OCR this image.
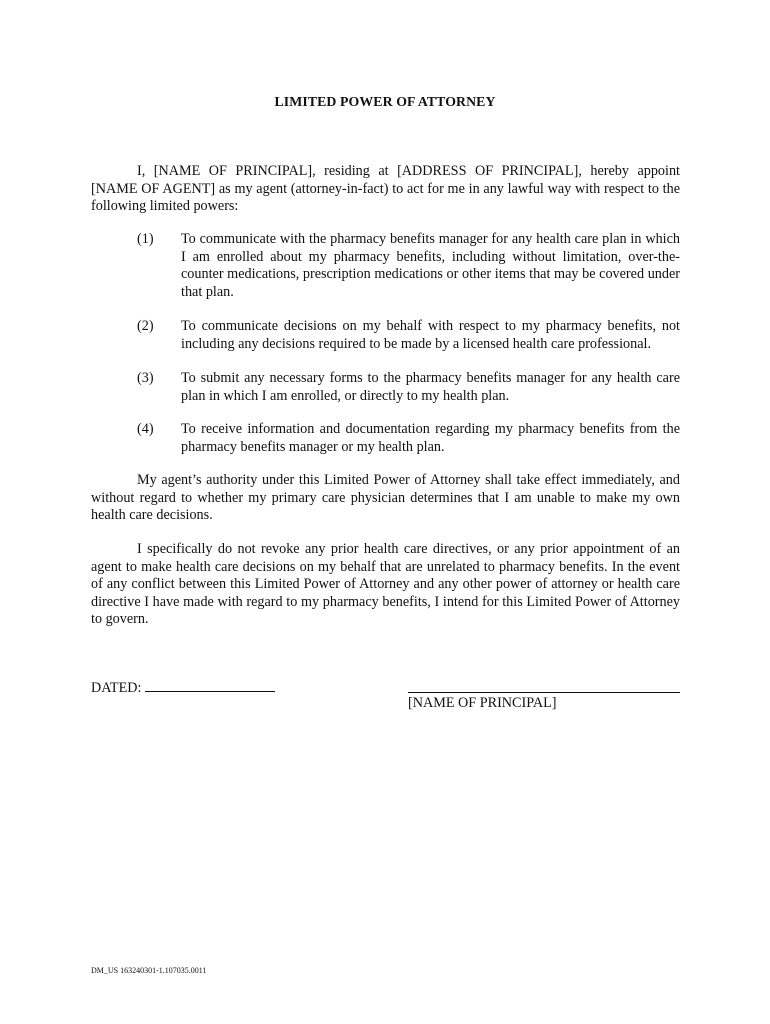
LIMITED POWER OF ATTORNEY

I, [NAME OF PRINCIPAL], residing at [ADDRESS OF PRINCIPAL], hereby appoint [NAME OF AGENT] as my agent (attorney-in-fact) to act for me in any lawful way with respect to the following limited powers:

(1) To communicate with the pharmacy benefits manager for any health care plan in which I am enrolled about my pharmacy benefits, including without limitation, over-the-counter medications, prescription medications or other items that may be covered under that plan.
(2) To communicate decisions on my behalf with respect to my pharmacy benefits, not including any decisions required to be made by a licensed health care professional.
(3) To submit any necessary forms to the pharmacy benefits manager for any health care plan in which I am enrolled, or directly to my health plan.
(4) To receive information and documentation regarding my pharmacy benefits from the pharmacy benefits manager or my health plan.

My agent’s authority under this Limited Power of Attorney shall take effect immediately, and without regard to whether my primary care physician determines that I am unable to make my own health care decisions.

I specifically do not revoke any prior health care directives, or any prior appointment of an agent to make health care decisions on my behalf that are unrelated to pharmacy benefits. In the event of any conflict between this Limited Power of Attorney and any other power of attorney or health care directive I have made with regard to my pharmacy benefits, I intend for this Limited Power of Attorney to govern.

DATED:
[NAME OF PRINCIPAL]
DM_US 163240301-1.107035.0011
